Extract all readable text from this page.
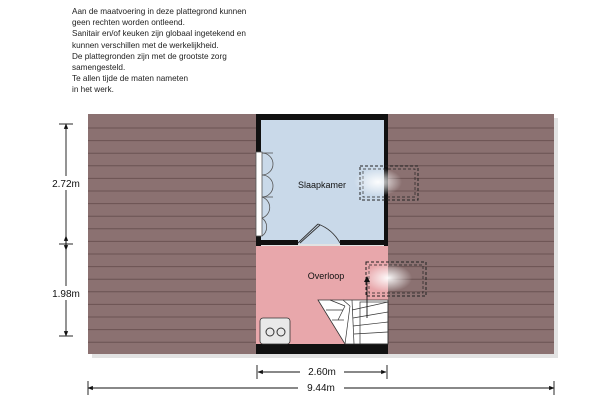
Aan de maatvoering in deze plattegrond kunnen
geen rechten worden ontleend.
Sanitair en/of keuken zijn globaal ingetekend en
kunnen verschillen met de werkelijkheid.
De plattegronden zijn met de grootste zorg
samengesteld.
Te allen tijde de maten nameten
in het werk.
Slaapkamer
Overloop
2.72m
1.98m
2.60m
9.44m
